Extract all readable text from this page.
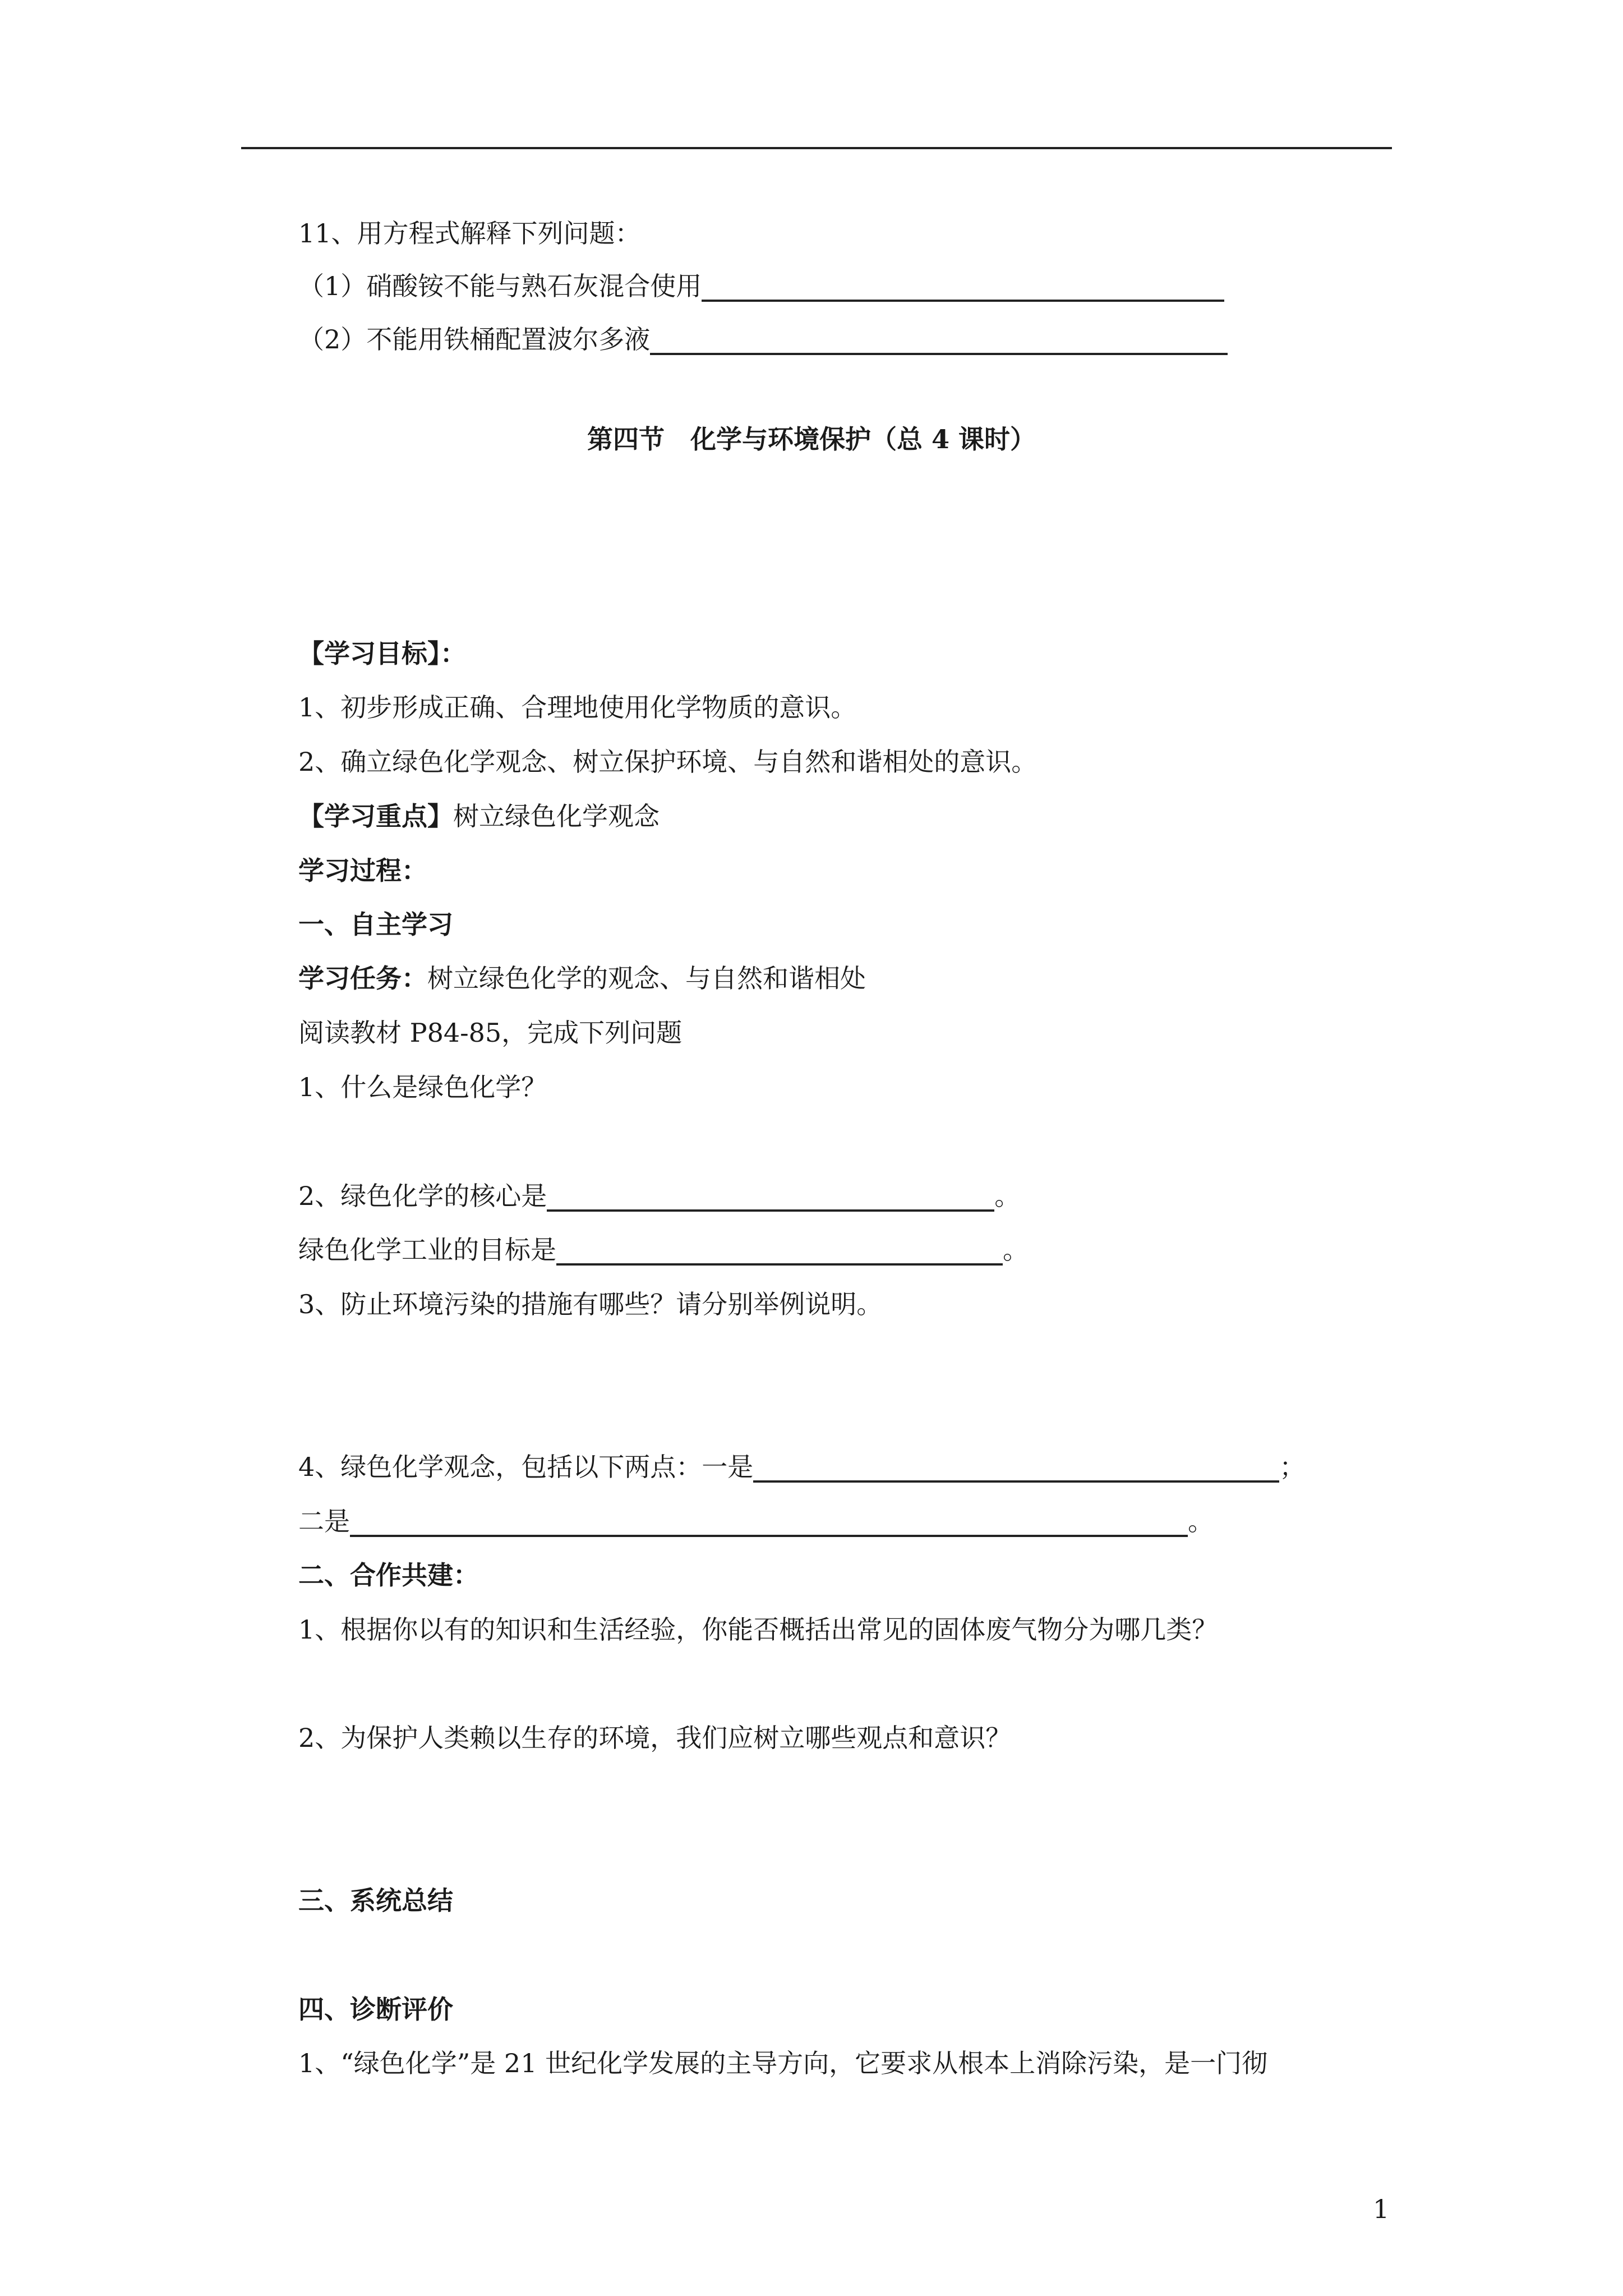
11、用方程式解释下列问题：
（1）硝酸铵不能与熟石灰混合使用
（2）不能用铁桶配置波尔多液
第四节　化学与环境保护（总 4 课时）
【学习目标】：
1、初步形成正确、合理地使用化学物质的意识。
2、确立绿色化学观念、树立保护环境、与自然和谐相处的意识。
【学习重点】树立绿色化学观念
学习过程：
一、自主学习
学习任务：树立绿色化学的观念、与自然和谐相处
阅读教材 P84-85，完成下列问题
1、什么是绿色化学？
2、绿色化学的核心是	。
绿色化学工业的目标是	。
3、防止环境污染的措施有哪些？请分别举例说明。
4、绿色化学观念，包括以下两点：一是	；
二是	。
二、合作共建：
1、根据你以有的知识和生活经验，你能否概括出常见的固体废气物分为哪几类？
2、为保护人类赖以生存的环境，我们应树立哪些观点和意识？
三、系统总结
四、诊断评价
1、“绿色化学”是 21 世纪化学发展的主导方向，它要求从根本上消除污染，是一门彻
1
